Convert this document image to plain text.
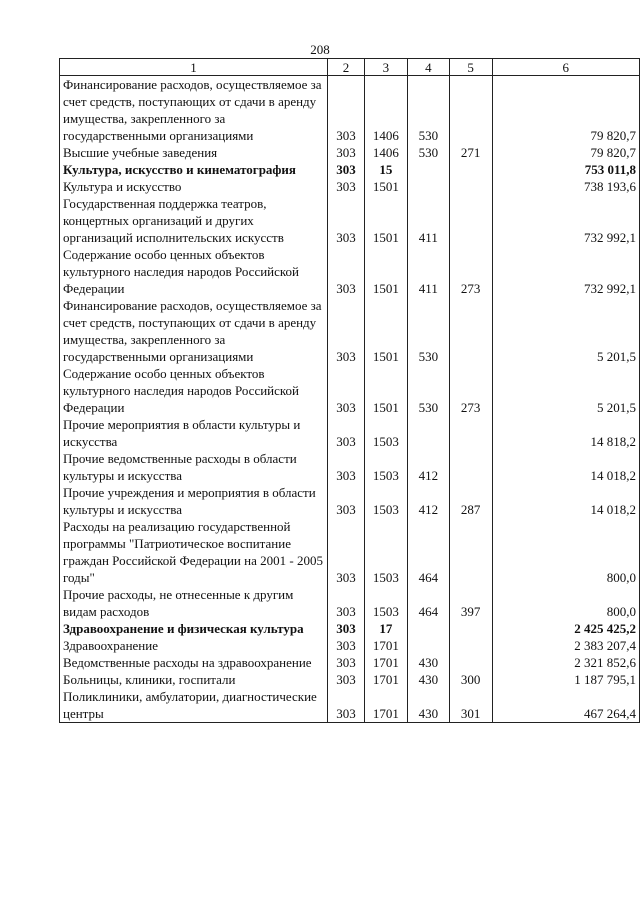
208
1	2	3	4	5	6
Финансирование расходов, осуществляемое за счет средств, поступающих от сдачи в аренду имущества, закрепленного за государственными организациями	303	1406	530		79 820,7
Высшие учебные заведения	303	1406	530	271	79 820,7
Культура, искусство и кинематография	303	15			753 011,8
Культура и искусство	303	1501			738 193,6
Государственная поддержка театров, концертных организаций и других организаций исполнительских искусств	303	1501	411		732 992,1
Содержание особо ценных объектов культурного наследия народов Российской Федерации	303	1501	411	273	732 992,1
Финансирование расходов, осуществляемое за счет средств, поступающих от сдачи в аренду имущества, закрепленного за государственными организациями	303	1501	530		5 201,5
Содержание особо ценных объектов культурного наследия народов Российской Федерации	303	1501	530	273	5 201,5
Прочие мероприятия в области культуры и искусства	303	1503			14 818,2
Прочие ведомственные расходы в области культуры и искусства	303	1503	412		14 018,2
Прочие учреждения и мероприятия в области культуры и искусства	303	1503	412	287	14 018,2
Расходы на реализацию государственной программы "Патриотическое воспитание граждан Российской Федерации на 2001 - 2005 годы"	303	1503	464		800,0
Прочие расходы, не отнесенные к другим видам расходов	303	1503	464	397	800,0
Здравоохранение и физическая культура	303	17			2 425 425,2
Здравоохранение	303	1701			2 383 207,4
Ведомственные расходы на здравоохранение	303	1701	430		2 321 852,6
Больницы, клиники, госпитали	303	1701	430	300	1 187 795,1
Поликлиники, амбулатории, диагностические центры	303	1701	430	301	467 264,4
